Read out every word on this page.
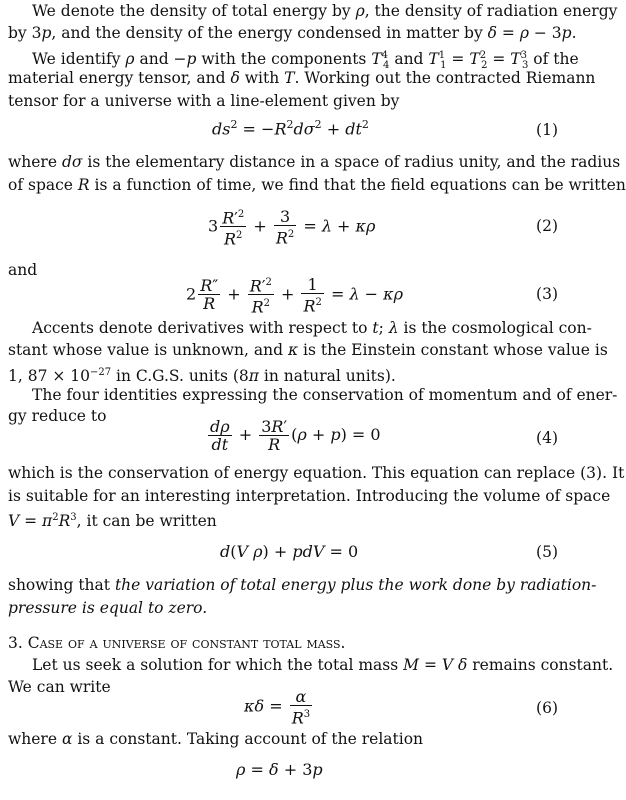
We denote the density of total energy by ρ, the density of radiation energy
by 3p, and the density of the energy condensed in matter by δ = ρ − 3p.
We identify ρ and −p with the components $T^4_4$ and $T^1_1 = T^2_2 = T^3_3$ of the
material energy tensor, and δ with T. Working out the contracted Riemann
tensor for a universe with a line-element given by
$ds^2 = -R^2d\sigma^2 + dt^2$	(1)
where dσ is the elementary distance in a space of radius unity, and the radius
of space R is a function of time, we find that the field equations can be written
$3 \frac{R'^2}{R^2} + \frac{3}{R^2} = \lambda + \kappa\rho$	(2)
and
$2 \frac{R''}{R} + \frac{R'^2}{R^2} + \frac{1}{R^2} = \lambda - \kappa\rho$	(3)
Accents denote derivatives with respect to t; λ is the cosmological con-
stant whose value is unknown, and κ is the Einstein constant whose value is
1, $87 \times 10^{-27}$ in C.G.S. units (8π in natural units).
The four identities expressing the conservation of momentum and of ener-
gy reduce to
$\frac{d\rho}{dt} + \frac{3R'}{R} (\rho + p) = 0$	(4)
which is the conservation of energy equation. This equation can replace (3). It
is suitable for an interesting interpretation. Introducing the volume of space
$V = \pi^2R^3$, it can be written
d(V ρ) + pdV = 0	(5)
showing that the variation of total energy plus the work done by radiation-
pressure is equal to zero.
3. Case of a universe of constant total mass.
Let us seek a solution for which the total mass M = V δ remains constant.
We can write
$\kappa\delta = \frac{\alpha}{R^3}$	(6)
where α is a constant. Taking account of the relation
ρ = δ + 3p
